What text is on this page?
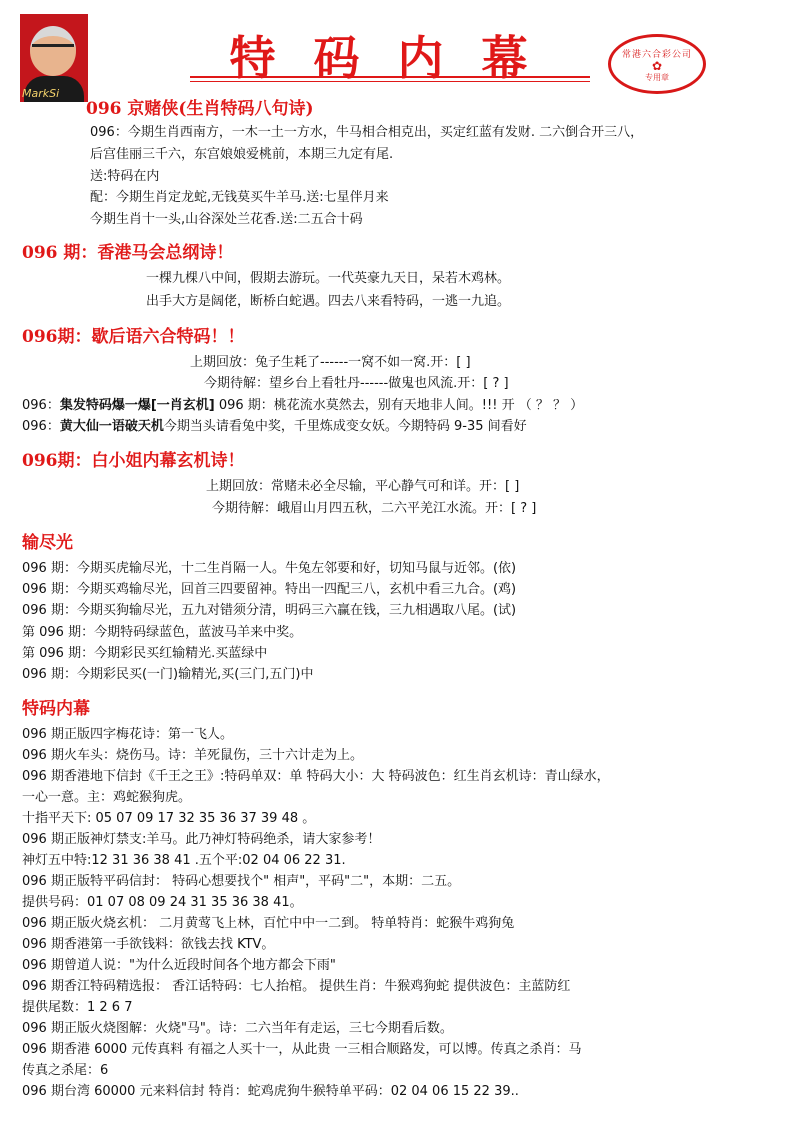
MarkSi
特码内幕	常港六合彩公司
✿
专用章
096 京赌侠(生肖特码八句诗)
096：今期生肖西南方，一木一土一方水，牛马相合相克出，买定红蓝有发财. 二六倒合开三八，
后宫佳丽三千六，东宫娘娘爱桃前，本期三九定有尾.
送:特码在内
配：今期生肖定龙蛇,无钱莫买牛羊马.送:七星伴月来
今期生肖十一头,山谷深处兰花香.送:二五合十码
096 期：香港马会总纲诗！
一棵九棵八中间，假期去游玩。一代英豪九天日，呆若木鸡林。
出手大方是阔佬，断桥白蛇遇。四去八来看特码，一逃一九追。
096期：歇后语六合特码！！
上期回放：兔子生耗了------一窝不如一窝.开：[ ]
今期待解：望乡台上看牡丹------做鬼也风流.开：[ ? ]
096：集发特码爆一爆[一肖玄机] 096 期：桃花流水莫然去，别有天地非人间。!!! 开 （ ？ ？ ）
096：黄大仙一语破天机今期当头请看兔中奖，千里炼成变女妖。今期特码 9-35 间看好
096期：白小姐内幕玄机诗！
上期回放：常赌未必全尽输，平心静气可和详。开：[ ]
今期待解：峨眉山月四五秋，二六平羌江水流。开：[ ? ]
输尽光
096 期：今期买虎输尽光，十二生肖隔一人。牛兔左邻要和好，切知马鼠与近邻。(依)
096 期：今期买鸡输尽光，回首三四要留神。特出一四配三八，玄机中看三九合。(鸡)
096 期：今期买狗输尽光，五九对错须分清，明码三六赢在钱，三九相遇取八尾。(试)
第 096 期：今期特码绿蓝色，蓝波马羊来中奖。
第 096 期：今期彩民买红输精光.买蓝绿中
096 期：今期彩民买(一门)输精光,买(三门,五门)中
特码内幕
096 期正版四字梅花诗：第一飞人。
096 期火车头：烧伤马。诗：羊死鼠伤，三十六计走为上。
096 期香港地下信封《千王之王》:特码单双：单 特码大小：大 特码波色：红生肖玄机诗：青山绿水，
一心一意。主：鸡蛇猴狗虎。
十指平天下: 05 07 09 17 32 35 36 37 39 48 。
096 期正版神灯禁支:羊马。此乃神灯特码绝杀，请大家参考！
神灯五中特:12 31 36 38 41 .五个平:02 04 06 22 31.
096 期正版特平码信封： 特码心想要找个" 相声"，平码"二"，本期：二五。
提供号码：01 07 08 09 24 31 35 36 38 41。
096 期正版火烧玄机： 二月黄莺飞上林，百忙中中一二到。 特单特肖：蛇猴牛鸡狗兔
096 期香港第一手欲钱料：欲钱去找 KTV。
096 期曾道人说："为什么近段时间各个地方都会下雨"
096 期香江特码精选报： 香江话特码：七人抬棺。 提供生肖：牛猴鸡狗蛇 提供波色：主蓝防红
提供尾数：1 2 6 7
096 期正版火烧图解：火烧"马"。诗：二六当年有走运，三七今期看后数。
096 期香港 6000 元传真料 有福之人买十一，从此贵 一三相合顺路发，可以博。传真之杀肖：马
传真之杀尾：6
096 期台湾 60000 元来料信封 特肖：蛇鸡虎狗牛猴特单平码：02 04 06 15 22 39..
